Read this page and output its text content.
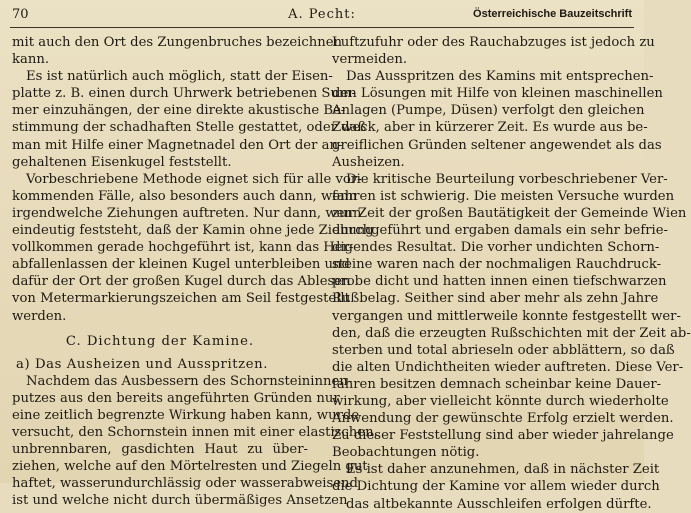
70	A. Pecht:	Österreichische Bauzeitschrift
mit auch den Ort des Zungenbruches bezeichnen
kann.
Es ist natürlich auch möglich, statt der Eisen-
platte z. B. einen durch Uhrwerk betriebenen Sum-
mer einzuhängen, der eine direkte akustische Be-
stimmung der schadhaften Stelle gestattet, oder daß
man mit Hilfe einer Magnetnadel den Ort der an-
gehaltenen Eisenkugel feststellt.
Vorbeschriebene Methode eignet sich für alle vor-
kommenden Fälle, also besonders auch dann, wenn
irgendwelche Ziehungen auftreten. Nur dann, wenn
eindeutig feststeht, daß der Kamin ohne jede Ziehung
vollkommen gerade hochgeführt ist, kann das Her-
abfallenlassen der kleinen Kugel unterbleiben und
dafür der Ort der großen Kugel durch das Ablesen
von Metermarkierungszeichen am Seil festgestellt
werden.
C. Dichtung der Kamine.
a) Das Ausheizen und Ausspritzen.
Nachdem das Ausbessern des Schornsteininnen-
putzes aus den bereits angeführten Gründen nur
eine zeitlich begrenzte Wirkung haben kann, wurde
versucht, den Schornstein innen mit einer elastischen,
unbrennbaren, gasdichten Haut zu über-
ziehen, welche auf den Mörtelresten und Ziegeln gut
haftet, wasserundurchlässig oder wasserabweisend
ist und welche nicht durch übermäßiges Ansetzen
Luftzufuhr oder des Rauchabzuges ist jedoch zu
vermeiden.
Das Ausspritzen des Kamins mit entsprechen-
den Lösungen mit Hilfe von kleinen maschinellen
Anlagen (Pumpe, Düsen) verfolgt den gleichen
Zweck, aber in kürzerer Zeit. Es wurde aus be-
greiflichen Gründen seltener angewendet als das
Ausheizen.
Die kritische Beurteilung vorbeschriebener Ver-
fahren ist schwierig. Die meisten Versuche wurden
zur Zeit der großen Bautätigkeit der Gemeinde Wien
durchgeführt und ergaben damals ein sehr befrie-
digendes Resultat. Die vorher undichten Schorn-
steine waren nach der nochmaligen Rauchdruck-
probe dicht und hatten innen einen tiefschwarzen
Rußbelag. Seither sind aber mehr als zehn Jahre
vergangen und mittlerweile konnte festgestellt wer-
den, daß die erzeugten Rußschichten mit der Zeit ab-
sterben und total abrieseln oder abblättern, so daß
die alten Undichtheiten wieder auftreten. Diese Ver-
fahren besitzen demnach scheinbar keine Dauer-
wirkung, aber vielleicht könnte durch wiederholte
Anwendung der gewünschte Erfolg erzielt werden.
Zu dieser Feststellung sind aber wieder jahrelange
Beobachtungen nötig.
Es ist daher anzunehmen, daß in nächster Zeit
die Dichtung der Kamine vor allem wieder durch
das altbekannte Ausschleifen erfolgen dürfte.
